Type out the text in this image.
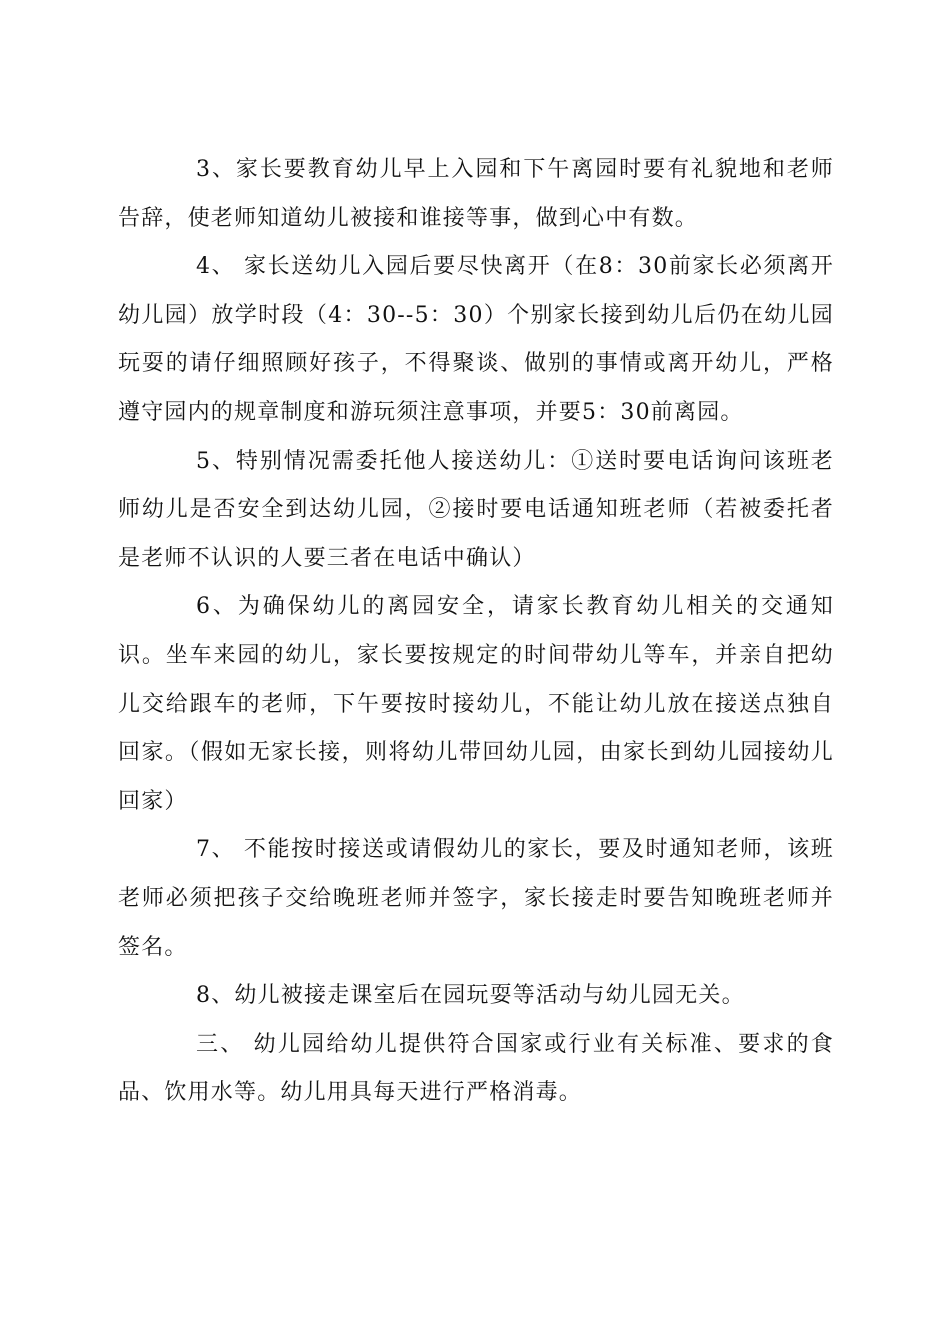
3、家长要教育幼儿早上入园和下午离园时要有礼貌地和老师告辞，使老师知道幼儿被接和谁接等事，做到心中有数。

4、 家长送幼儿入园后要尽快离开（在8：30前家长必须离开幼儿园）放学时段（4：30--5：30）个别家长接到幼儿后仍在幼儿园玩耍的请仔细照顾好孩子，不得聚谈、做别的事情或离开幼儿，严格遵守园内的规章制度和游玩须注意事项，并要5：30前离园。

5、特别情况需委托他人接送幼儿：①送时要电话询问该班老师幼儿是否安全到达幼儿园，②接时要电话通知班老师（若被委托者是老师不认识的人要三者在电话中确认）

6、为确保幼儿的离园安全，请家长教育幼儿相关的交通知识。坐车来园的幼儿，家长要按规定的时间带幼儿等车，并亲自把幼儿交给跟车的老师，下午要按时接幼儿，不能让幼儿放在接送点独自回家。（假如无家长接，则将幼儿带回幼儿园，由家长到幼儿园接幼儿回家）

7、 不能按时接送或请假幼儿的家长，要及时通知老师，该班老师必须把孩子交给晚班老师并签字，家长接走时要告知晚班老师并签名。

8、幼儿被接走课室后在园玩耍等活动与幼儿园无关。

三、 幼儿园给幼儿提供符合国家或行业有关标准、要求的食品、饮用水等。幼儿用具每天进行严格消毒。
